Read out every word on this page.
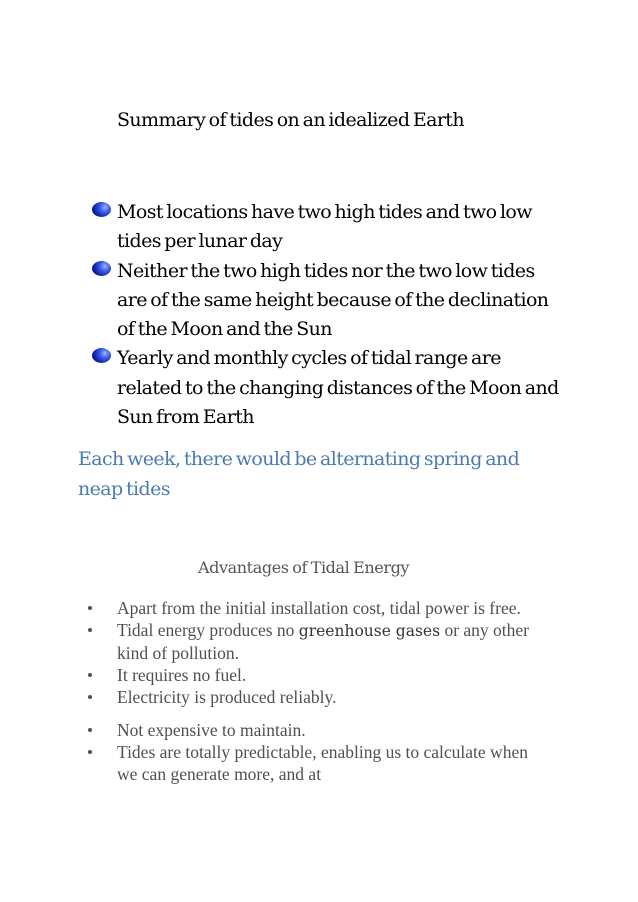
Summary of tides on an idealized Earth
Most locations have two high tides and two low tides per lunar day
Neither the two high tides nor the two low tides are of the same height because of the declination of the Moon and the Sun
Yearly and monthly cycles of tidal range are related to the changing distances of the Moon and Sun from Earth
Each week, there would be alternating spring and neap tides
Advantages of Tidal Energy
Apart from the initial installation cost, tidal power is free.
Tidal energy produces no greenhouse gases or any other kind of pollution.
It requires no fuel.
Electricity is produced reliably.
Not expensive to maintain.
Tides are totally predictable, enabling us to calculate when we can generate more, and at
